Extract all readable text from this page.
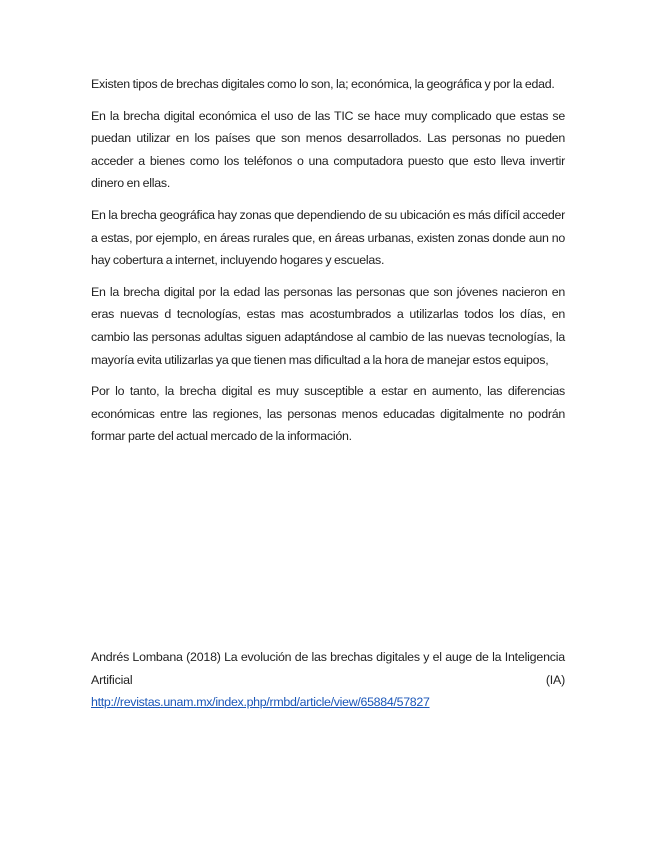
Existen tipos de brechas digitales como lo son, la; económica, la geográfica y por la edad.

En la brecha digital económica el uso de las TIC se hace muy complicado que estas se puedan utilizar en los países que son menos desarrollados. Las personas no pueden acceder a bienes como los teléfonos o una computadora puesto que esto lleva invertir dinero en ellas.

En la brecha geográfica hay zonas que dependiendo de su ubicación es más difícil acceder a estas, por ejemplo, en áreas rurales que, en áreas urbanas, existen zonas donde aun no hay cobertura a internet, incluyendo hogares y escuelas.

En la brecha digital por la edad las personas las personas que son jóvenes nacieron en eras nuevas d tecnologías, estas mas acostumbrados a utilizarlas todos los días, en cambio las personas adultas siguen adaptándose al cambio de las nuevas tecnologías, la mayoría evita utilizarlas ya que tienen mas dificultad a la hora de manejar estos equipos,

Por lo tanto, la brecha digital es muy susceptible a estar en aumento, las diferencias económicas entre las regiones, las personas menos educadas digitalmente no podrán formar parte del actual mercado de la información.

Andrés Lombana (2018) La evolución de las brechas digitales y el auge de la Inteligencia Artificial (IA)

http://revistas.unam.mx/index.php/rmbd/article/view/65884/57827
